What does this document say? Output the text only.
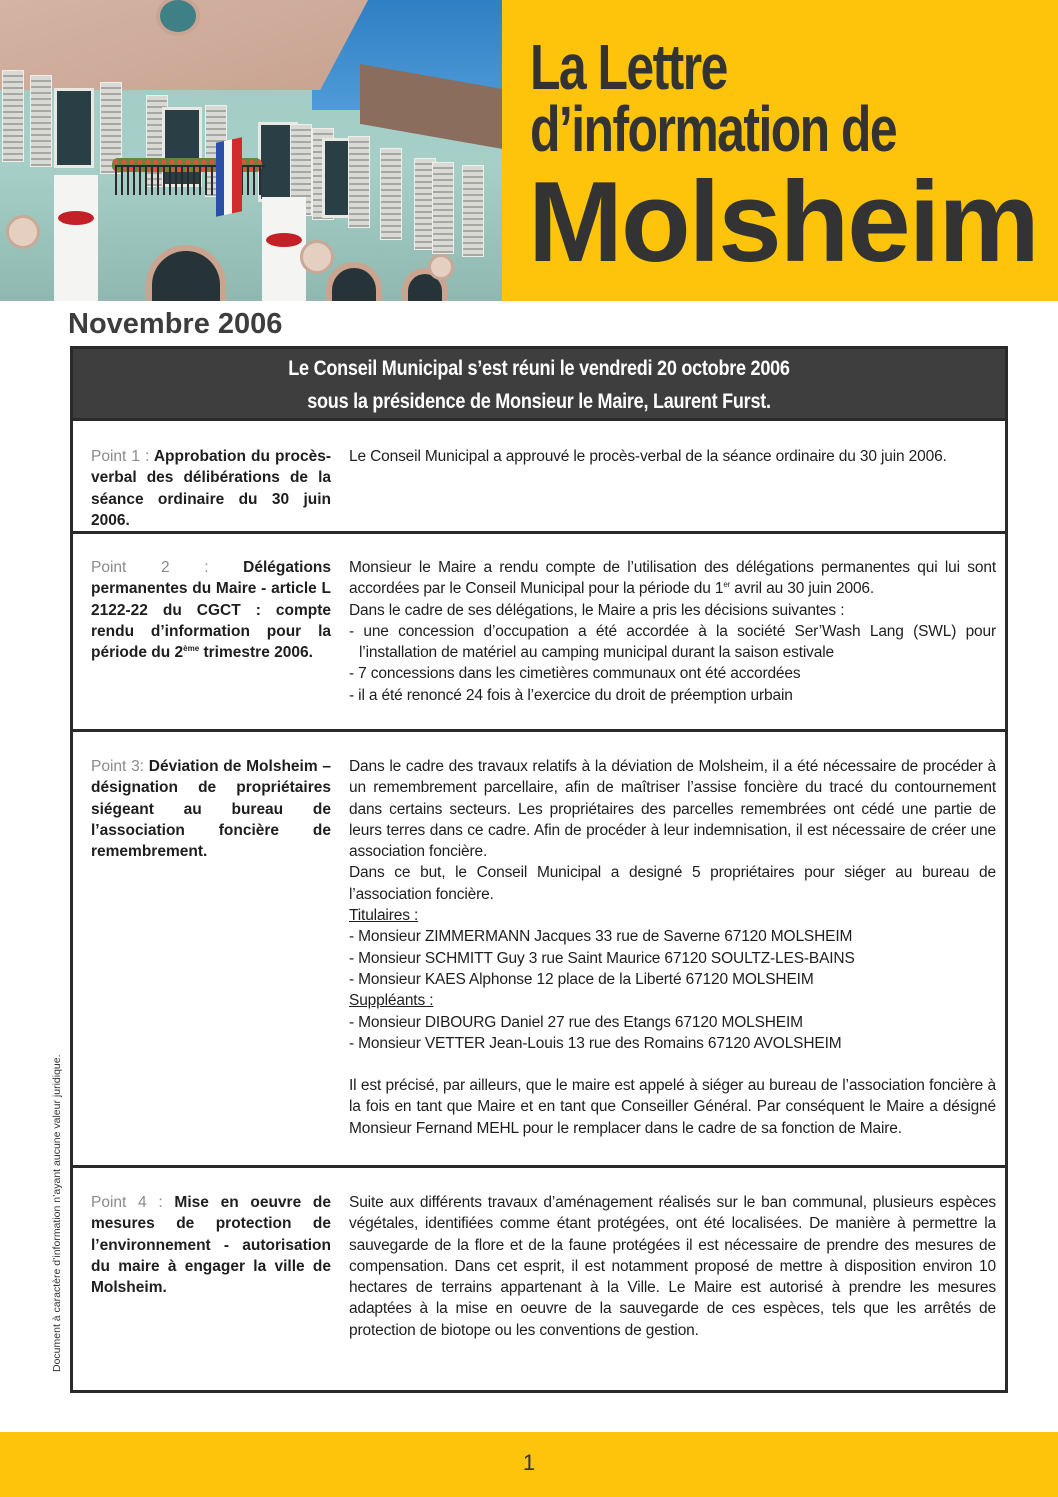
La Lettre
d’information de
Molsheim
Novembre 2006
Le Conseil Municipal s’est réuni le vendredi 20 octobre 2006
sous la présidence de Monsieur le Maire, Laurent Furst.
Point 1 : Approbation du procès-verbal des délibérations de la séance ordinaire du 30 juin 2006.

Le Conseil Municipal a approuvé le procès-verbal de la séance ordinaire du 30 juin 2006.

Point 2 : Délégations permanentes du Maire - article L 2122-22 du CGCT : compte rendu d’information pour la période du 2ème trimestre 2006.

Monsieur le Maire a rendu compte de l’utilisation des délégations permanentes qui lui sont accordées par le Conseil Municipal pour la période du 1er avril au 30 juin 2006.

Dans le cadre de ses délégations, le Maire a pris les décisions suivantes :

- une concession d’occupation a été accordée à la société Ser’Wash Lang (SWL) pour l’installation de matériel au camping municipal durant la saison estivale

- 7 concessions dans les cimetières communaux ont été accordées

- il a été renoncé 24 fois à l’exercice du droit de préemption urbain

Point 3: Déviation de Molsheim – désignation de propriétaires siégeant au bureau de l’association foncière de remembrement.

Dans le cadre des travaux relatifs à la déviation de Molsheim, il a été nécessaire de procéder à un remembrement parcellaire, afin de maîtriser l’assise foncière du tracé du contournement dans certains secteurs. Les propriétaires des parcelles remembrées ont cédé une partie de leurs terres dans ce cadre. Afin de procéder à leur indemnisation, il est nécessaire de créer une association foncière.

Dans ce but, le Conseil Municipal a designé 5 propriétaires pour siéger au bureau de l’association foncière.

Titulaires :

- Monsieur ZIMMERMANN Jacques 33 rue de Saverne 67120 MOLSHEIM

- Monsieur SCHMITT Guy 3 rue Saint Maurice 67120 SOULTZ-LES-BAINS

- Monsieur KAES Alphonse 12 place de la Liberté 67120 MOLSHEIM

Suppléants :

- Monsieur DIBOURG Daniel 27 rue des Etangs 67120 MOLSHEIM

- Monsieur VETTER Jean-Louis 13 rue des Romains 67120 AVOLSHEIM

Il est précisé, par ailleurs, que le maire est appelé à siéger au bureau de l’association foncière à la fois en tant que Maire et en tant que Conseiller Général. Par conséquent le Maire a désigné Monsieur Fernand MEHL pour le remplacer dans le cadre de sa fonction de Maire.

Point 4 : Mise en oeuvre de mesures de protection de l’environnement - autorisation du maire à engager la ville de Molsheim.

Suite aux différents travaux d’aménagement réalisés sur le ban communal, plusieurs espèces végétales, identifiées comme étant protégées, ont été localisées. De manière à permettre la sauvegarde de la flore et de la faune protégées il est nécessaire de prendre des mesures de compensation. Dans cet esprit, il est notamment proposé de mettre à disposition environ 10 hectares de terrains appartenant à la Ville. Le Maire est autorisé à prendre les mesures adaptées à la mise en oeuvre de la sauvegarde de ces espèces, tels que les arrêtés de protection de biotope ou les conventions de gestion.

Document à caractère d’information n’ayant aucune valeur juridique.
1
